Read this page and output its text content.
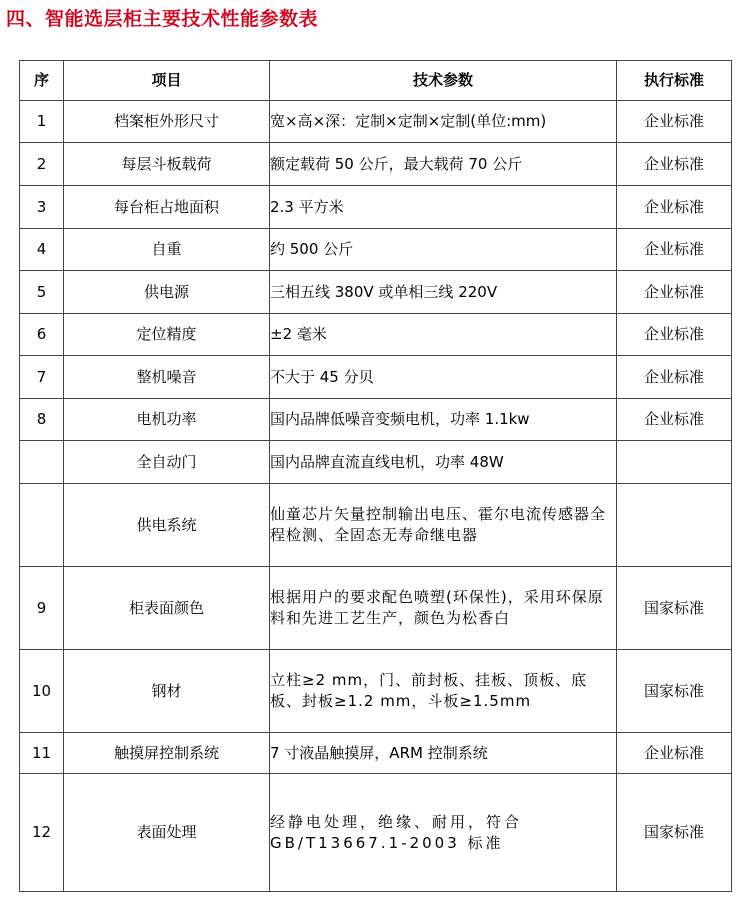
四、智能选层柜主要技术性能参数表
序	项目	技术参数	执行标准
1	档案柜外形尺寸	宽×高×深：定制×定制×定制(单位:mm)	企业标准
2	每层斗板载荷	额定载荷 50 公斤，最大载荷 70 公斤	企业标准
3	每台柜占地面积	2.3 平方米	企业标准
4	自重	约 500 公斤	企业标准
5	供电源	三相五线 380V 或单相三线 220V	企业标准
6	定位精度	±2 毫米	企业标准
7	整机噪音	不大于 45 分贝	企业标准
8	电机功率	国内品牌低噪音变频电机，功率 1.1kw	企业标准
	全自动门	国内品牌直流直线电机，功率 48W	
	供电系统	仙童芯片矢量控制输出电压、霍尔电流传感器全程检测、全固态无寿命继电器	
9	柜表面颜色	根据用户的要求配色喷塑(环保性)，采用环保原料和先进工艺生产，颜色为松香白	国家标准
10	钢材	立柱≥2 mm，门、前封板、挂板、顶板、底板、封板≥1.2 mm，斗板≥1.5mm	国家标准
11	触摸屏控制系统	7 寸液晶触摸屏，ARM 控制系统	企业标准
12	表面处理	经静电处理，绝缘、耐用，符合 GB/T13667.1-2003 标准	国家标准
